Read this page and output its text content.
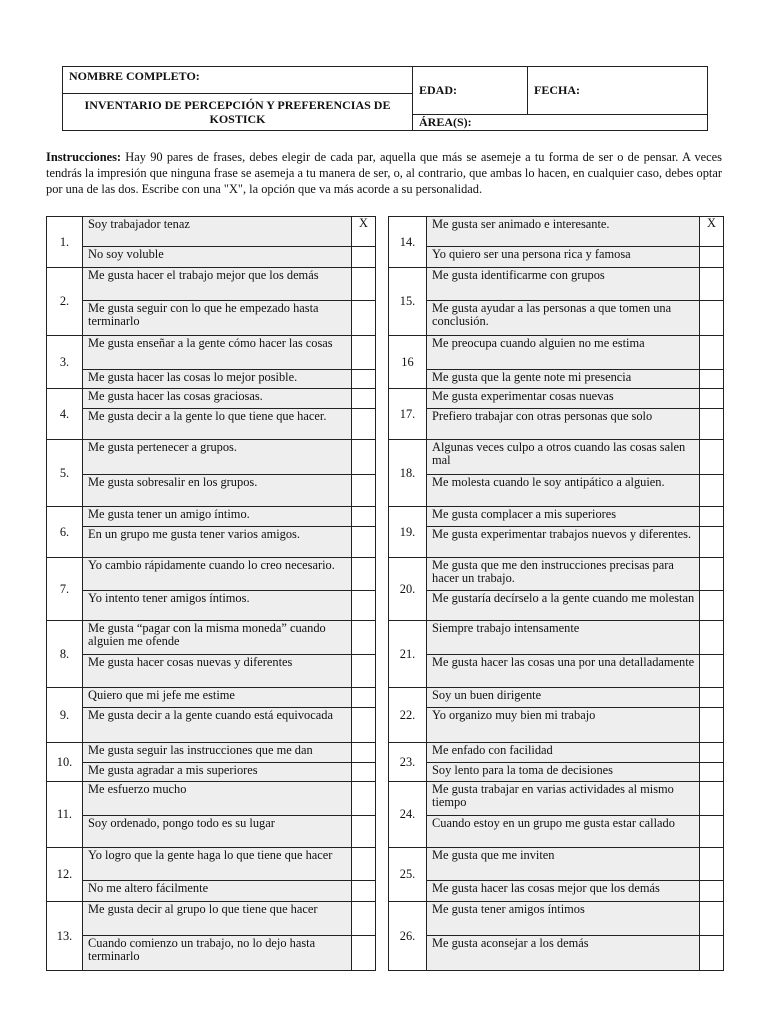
NOMBRE COMPLETO:	EDAD:	FECHA:
INVENTARIO DE PERCEPCIÓN Y PREFERENCIAS DE KOSTICK
ÁREA(S):

Instrucciones: Hay 90 pares de frases, debes elegir de cada par, aquella que más se asemeje a tu forma de ser o de pensar. A veces tendrás la impresión que ninguna frase se asemeja a tu manera de ser, o, al contrario, que ambas lo hacen, en cualquier caso, debes optar por una de las dos. Escribe con una "X", la opción que va más acorde a su personalidad.

1.	Soy trabajador tenaz	X
	No soy voluble	
2.	Me gusta hacer el trabajo mejor que los demás	
	Me gusta seguir con lo que he empezado hasta terminarlo	
3.	Me gusta enseñar a la gente cómo hacer las cosas	
	Me gusta hacer las cosas lo mejor posible.	
4.	Me gusta hacer las cosas graciosas.	
	Me gusta decir a la gente lo que tiene que hacer.	
5.	Me gusta pertenecer a grupos.	
	Me gusta sobresalir en los grupos.	
6.	Me gusta tener un amigo íntimo.	
	En un grupo me gusta tener varios amigos.	
7.	Yo cambio rápidamente cuando lo creo necesario.	
	Yo intento tener amigos íntimos.	
8.	Me gusta “pagar con la misma moneda” cuando alguien me ofende	
	Me gusta hacer cosas nuevas y diferentes	
9.	Quiero que mi jefe me estime	
	Me gusta decir a la gente cuando está equivocada	
10.	Me gusta seguir las instrucciones que me dan	
	Me gusta agradar a mis superiores	
11.	Me esfuerzo mucho	
	Soy ordenado, pongo todo es su lugar	
12.	Yo logro que la gente haga lo que tiene que hacer	
	No me altero fácilmente	
13.	Me gusta decir al grupo lo que tiene que hacer	
	Cuando comienzo un trabajo, no lo dejo hasta terminarlo	
14.	Me gusta ser animado e interesante.	X
	Yo quiero ser una persona rica y famosa	
15.	Me gusta identificarme con grupos	
	Me gusta ayudar a las personas a que tomen una conclusión.	
16	Me preocupa cuando alguien no me estima	
	Me gusta que la gente note mi presencia	
17.	Me gusta experimentar cosas nuevas	
	Prefiero trabajar con otras personas que solo	
18.	Algunas veces culpo a otros cuando las cosas salen mal	
	Me molesta cuando le soy antipático a alguien.	
19.	Me gusta complacer a mis superiores	
	Me gusta experimentar trabajos nuevos y diferentes.	
20.	Me gusta que me den instrucciones precisas para hacer un trabajo.	
	Me gustaría decírselo a la gente cuando me molestan	
21.	Siempre trabajo intensamente	
	Me gusta hacer las cosas una por una detalladamente	
22.	Soy un buen dirigente	
	Yo organizo muy bien mi trabajo	
23.	Me enfado con facilidad	
	Soy lento para la toma de decisiones	
24.	Me gusta trabajar en varias actividades al mismo tiempo	
	Cuando estoy en un grupo me gusta estar callado	
25.	Me gusta que me inviten	
	Me gusta hacer las cosas mejor que los demás	
26.	Me gusta tener amigos íntimos	
	Me gusta aconsejar a los demás	
